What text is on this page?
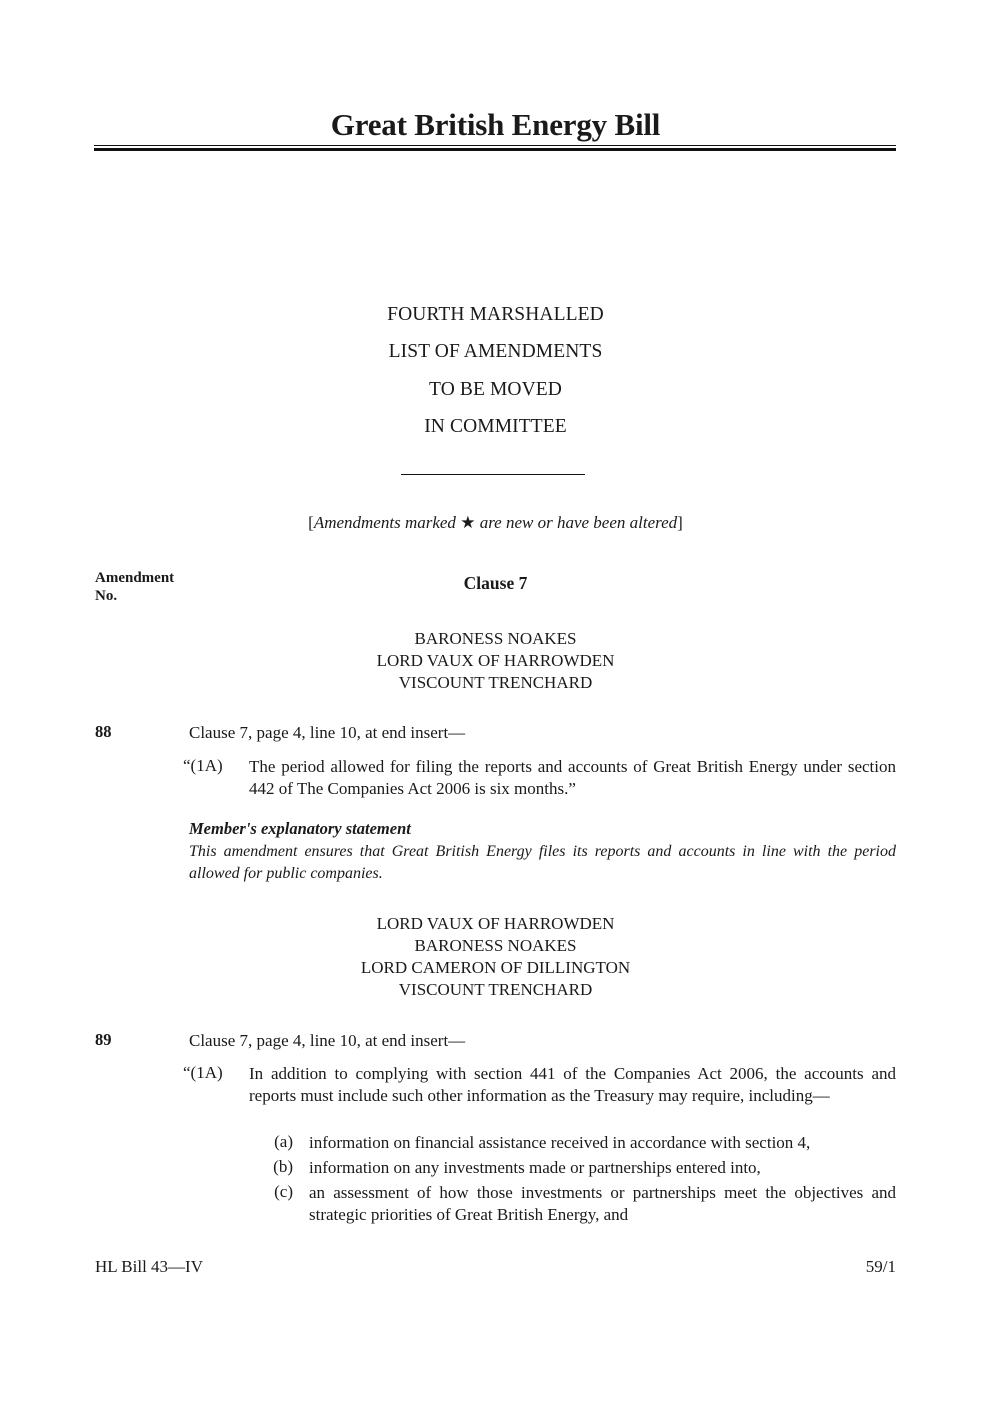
Great British Energy Bill
FOURTH MARSHALLED
LIST OF AMENDMENTS
TO BE MOVED
IN COMMITTEE
[Amendments marked ★ are new or have been altered]
Amendment
No.
Clause 7
BARONESS NOAKES
LORD VAUX OF HARROWDEN
VISCOUNT TRENCHARD
88	Clause 7, page 4, line 10, at end insert—
“(1A) The period allowed for filing the reports and accounts of Great British Energy under section 442 of The Companies Act 2006 is six months.”
Member's explanatory statement
This amendment ensures that Great British Energy files its reports and accounts in line with the period allowed for public companies.
LORD VAUX OF HARROWDEN
BARONESS NOAKES
LORD CAMERON OF DILLINGTON
VISCOUNT TRENCHARD
89	Clause 7, page 4, line 10, at end insert—
“(1A) In addition to complying with section 441 of the Companies Act 2006, the accounts and reports must include such other information as the Treasury may require, including—
(a) information on financial assistance received in accordance with section 4,
(b) information on any investments made or partnerships entered into,
(c) an assessment of how those investments or partnerships meet the objectives and strategic priorities of Great British Energy, and
HL Bill 43—IV	59/1
